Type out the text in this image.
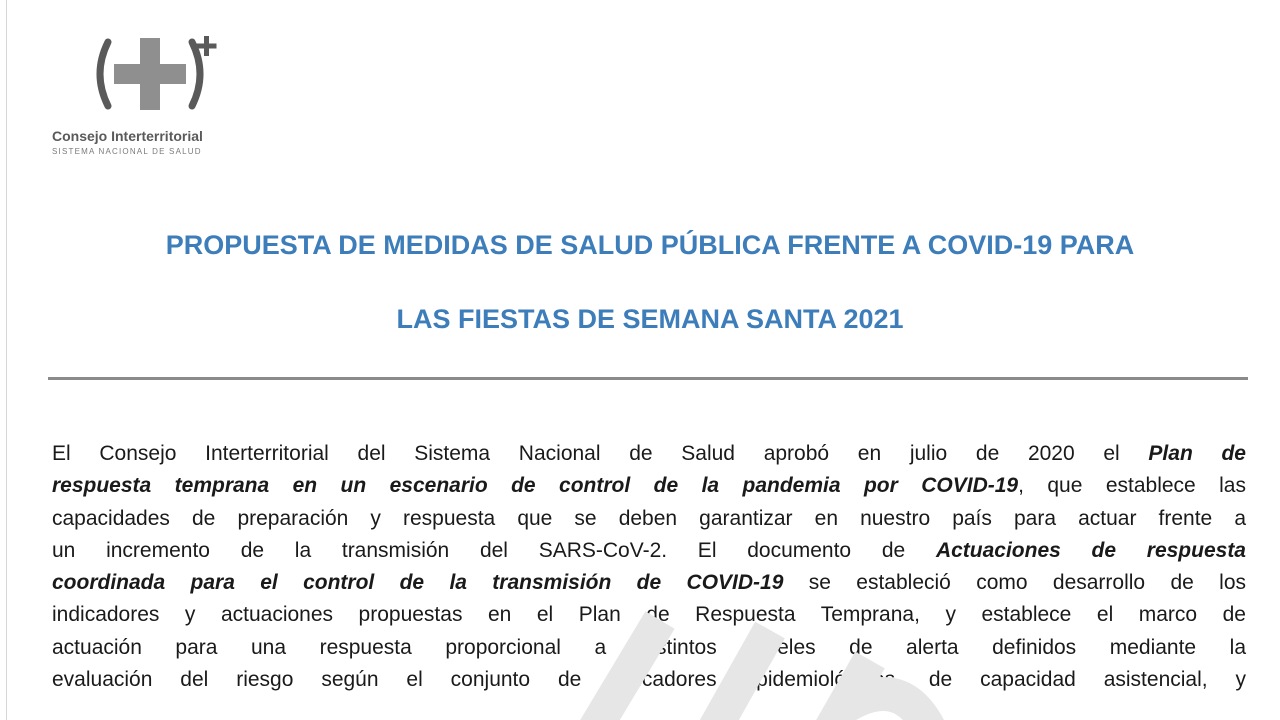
Consejo Interterritorial
SISTEMA NACIONAL DE SALUD
PROPUESTA DE MEDIDAS DE SALUD PÚBLICA FRENTE A COVID-19 PARA
LAS FIESTAS DE SEMANA SANTA 2021
El Consejo Interterritorial del Sistema Nacional de Salud aprobó en julio de 2020 el Plan de
respuesta temprana en un escenario de control de la pandemia por COVID-19, que establece las
capacidades de preparación y respuesta que se deben garantizar en nuestro país para actuar frente a
un incremento de la transmisión del SARS-CoV-2. El documento de Actuaciones de respuesta
coordinada para el control de la transmisión de COVID-19 se estableció como desarrollo de los
indicadores y actuaciones propuestas en el Plan de Respuesta Temprana, y establece el marco de
actuación para una respuesta proporcional a distintos niveles de alerta definidos mediante la
evaluación del riesgo según el conjunto de indicadores epidemiológicos, de capacidad asistencial, y
